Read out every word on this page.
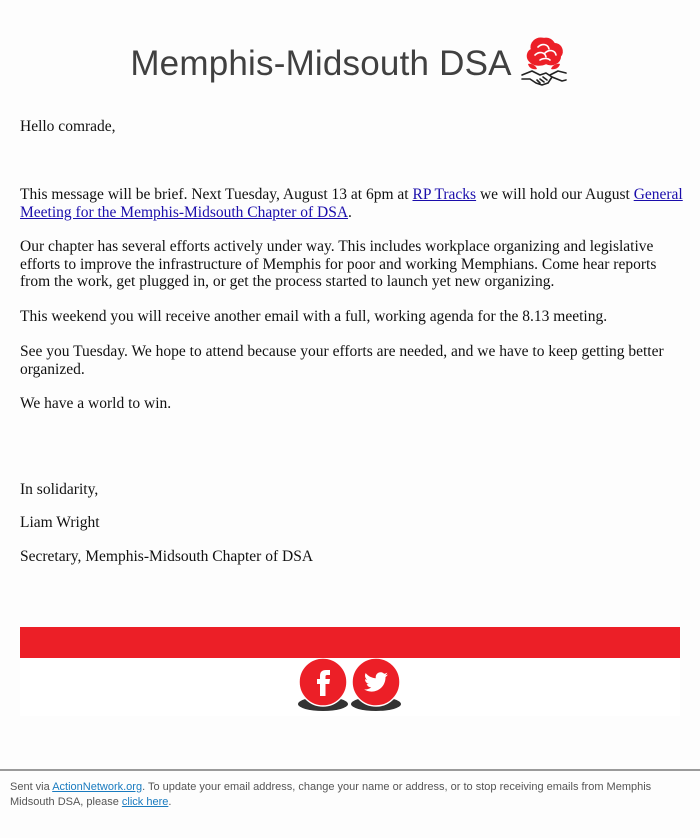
Memphis-Midsouth DSA

Hello comrade,

This message will be brief. Next Tuesday, August 13 at 6pm at RP Tracks we will hold our August General Meeting for the Memphis-Midsouth Chapter of DSA.

Our chapter has several efforts actively under way. This includes workplace organizing and legislative efforts to improve the infrastructure of Memphis for poor and working Memphians. Come hear reports from the work, get plugged in, or get the process started to launch yet new organizing.

This weekend you will receive another email with a full, working agenda for the 8.13 meeting.

See you Tuesday. We hope to attend because your efforts are needed, and we have to keep getting better organized.

We have a world to win.

In solidarity,

Liam Wright

Secretary, Memphis-Midsouth Chapter of DSA

Sent via ActionNetwork.org. To update your email address, change your name or address, or to stop receiving emails from Memphis Midsouth DSA, please click here.
